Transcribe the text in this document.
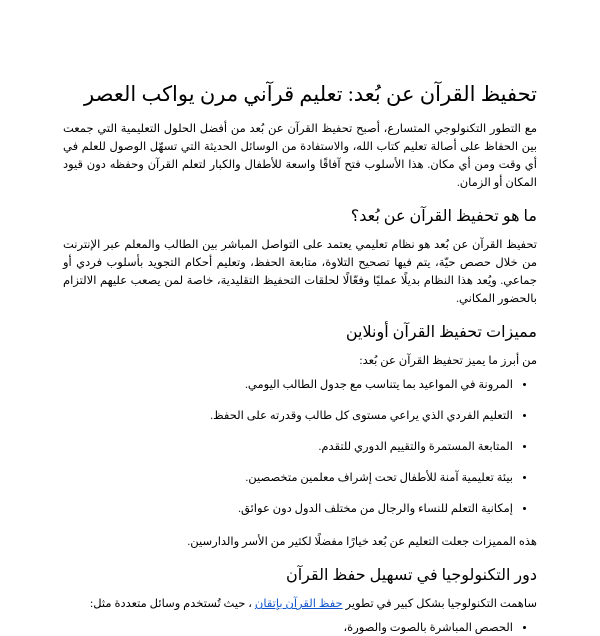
تحفيظ القرآن عن بُعد: تعليم قرآني مرن يواكب العصر

مع التطور التكنولوجي المتسارع، أصبح تحفيظ القرآن عن بُعد من أفضل الحلول التعليمية التي جمعت بين الحفاظ على أصالة تعليم كتاب الله، والاستفادة من الوسائل الحديثة التي تسهّل الوصول للعلم في أي وقت ومن أي مكان. هذا الأسلوب فتح آفاقًا واسعة للأطفال والكبار لتعلم القرآن وحفظه دون قيود المكان أو الزمان.

ما هو تحفيظ القرآن عن بُعد؟

تحفيظ القرآن عن بُعد هو نظام تعليمي يعتمد على التواصل المباشر بين الطالب والمعلم عبر الإنترنت من خلال حصص حيّة، يتم فيها تصحيح التلاوة، متابعة الحفظ، وتعليم أحكام التجويد بأسلوب فردي أو جماعي. ويُعد هذا النظام بديلًا عمليًا وفعّالًا لحلقات التحفيظ التقليدية، خاصة لمن يصعب عليهم الالتزام بالحضور المكاني.

مميزات تحفيظ القرآن أونلاين

من أبرز ما يميز تحفيظ القرآن عن بُعد:

• المرونة في المواعيد بما يتناسب مع جدول الطالب اليومي.
• التعليم الفردي الذي يراعي مستوى كل طالب وقدرته على الحفظ.
• المتابعة المستمرة والتقييم الدوري للتقدم.
• بيئة تعليمية آمنة للأطفال تحت إشراف معلمين متخصصين.
• إمكانية التعلم للنساء والرجال من مختلف الدول دون عوائق.

هذه المميزات جعلت التعليم عن بُعد خيارًا مفضلًا لكثير من الأسر والدارسين.

دور التكنولوجيا في تسهيل حفظ القرآن

ساهمت التكنولوجيا بشكل كبير في تطوير حفظ القرآن بإتقان ، حيث تُستخدم وسائل متعددة مثل:

• الحصص المباشرة بالصوت والصورة،
